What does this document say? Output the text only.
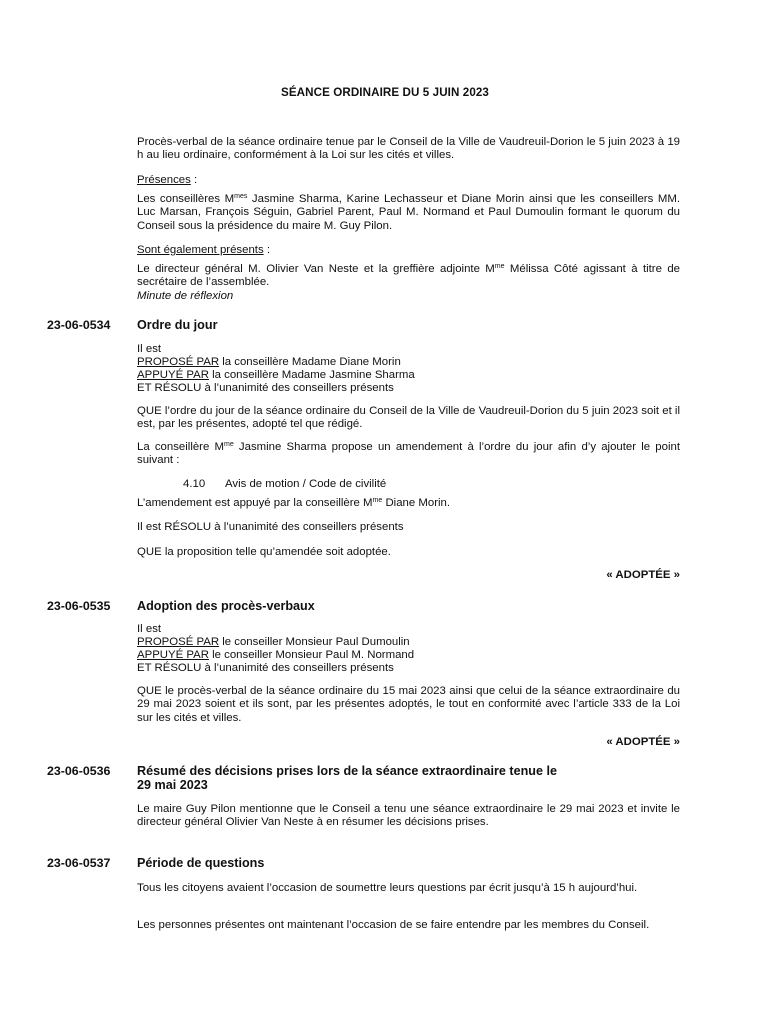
SÉANCE ORDINAIRE DU 5 JUIN 2023

Procès-verbal de la séance ordinaire tenue par le Conseil de la Ville de Vaudreuil-Dorion le 5 juin 2023 à 19 h au lieu ordinaire, conformément à la Loi sur les cités et villes.

Présences :

Les conseillères $M^{mes}$ Jasmine Sharma, Karine Lechasseur et Diane Morin ainsi que les conseillers MM. Luc Marsan, François Séguin, Gabriel Parent, Paul M. Normand et Paul Dumoulin formant le quorum du Conseil sous la présidence du maire M. Guy Pilon.

Sont également présents :

Le directeur général M. Olivier Van Neste et la greffière adjointe $M^{me}$ Mélissa Côté agissant à titre de secrétaire de l’assemblée.

Minute de réflexion

23-06-0534 Ordre du jour

Il est

PROPOSÉ PAR la conseillère Madame Diane Morin

APPUYÉ PAR la conseillère Madame Jasmine Sharma

ET RÉSOLU à l’unanimité des conseillers présents

QUE l’ordre du jour de la séance ordinaire du Conseil de la Ville de Vaudreuil-Dorion du 5 juin 2023 soit et il est, par les présentes, adopté tel que rédigé.

La conseillère $M^{me}$ Jasmine Sharma propose un amendement à l’ordre du jour afin d’y ajouter le point suivant :

4.10 Avis de motion / Code de civilité

L’amendement est appuyé par la conseillère $M^{me}$ Diane Morin.

Il est RÉSOLU à l’unanimité des conseillers présents

QUE la proposition telle qu’amendée soit adoptée.

« ADOPTÉE »
23-06-0535 Adoption des procès-verbaux

Il est

PROPOSÉ PAR le conseiller Monsieur Paul Dumoulin

APPUYÉ PAR le conseiller Monsieur Paul M. Normand

ET RÉSOLU à l’unanimité des conseillers présents

QUE le procès-verbal de la séance ordinaire du 15 mai 2023 ainsi que celui de la séance extraordinaire du 29 mai 2023 soient et ils sont, par les présentes adoptés, le tout en conformité avec l’article 333 de la Loi sur les cités et villes.

« ADOPTÉE »
23-06-0536 Résumé des décisions prises lors de la séance extraordinaire tenue le
29 mai 2023

Le maire Guy Pilon mentionne que le Conseil a tenu une séance extraordinaire le 29 mai 2023 et invite le directeur général Olivier Van Neste à en résumer les décisions prises.

23-06-0537 Période de questions

Tous les citoyens avaient l’occasion de soumettre leurs questions par écrit jusqu’à 15 h aujourd’hui.

Les personnes présentes ont maintenant l’occasion de se faire entendre par les membres du Conseil.
